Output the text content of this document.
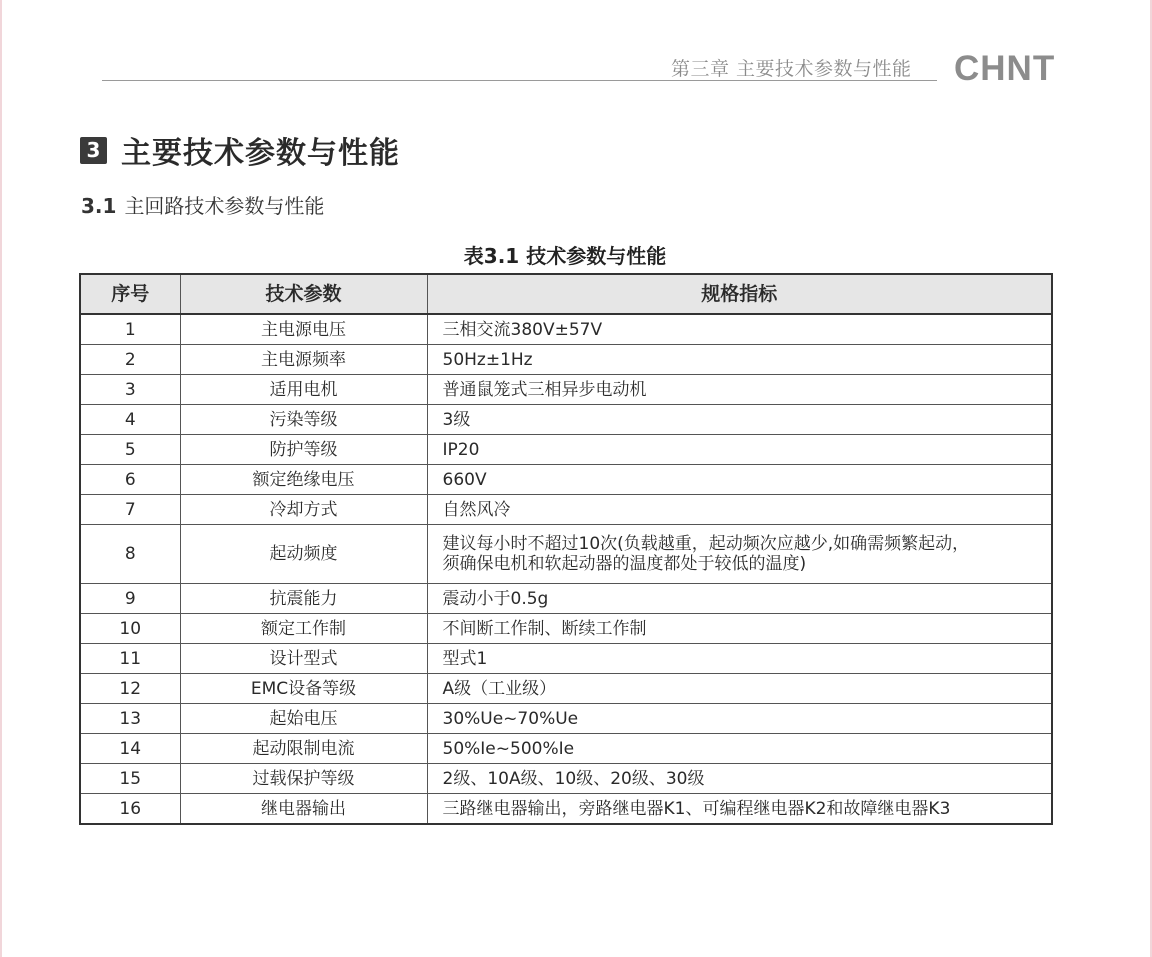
第三章 主要技术参数与性能 CHNT
3 主要技术参数与性能
3.1 主回路技术参数与性能
表3.1 技术参数与性能
序号	技术参数	规格指标
1	主电源电压	三相交流380V±57V
2	主电源频率	50Hz±1Hz
3	适用电机	普通鼠笼式三相异步电动机
4	污染等级	3级
5	防护等级	IP20
6	额定绝缘电压	660V
7	冷却方式	自然风冷
8	起动频度	建议每小时不超过10次(负载越重，起动频次应越少,如确需频繁起动，
须确保电机和软起动器的温度都处于较低的温度)

9	抗震能力	震动小于0.5g
10	额定工作制	不间断工作制、断续工作制
11	设计型式	型式1
12	EMC设备等级	A级（工业级）
13	起始电压	30%Ue~70%Ue
14	起动限制电流	50%Ie~500%Ie
15	过载保护等级	2级、10A级、10级、20级、30级
16	继电器输出	三路继电器输出，旁路继电器K1、可编程继电器K2和故障继电器K3
